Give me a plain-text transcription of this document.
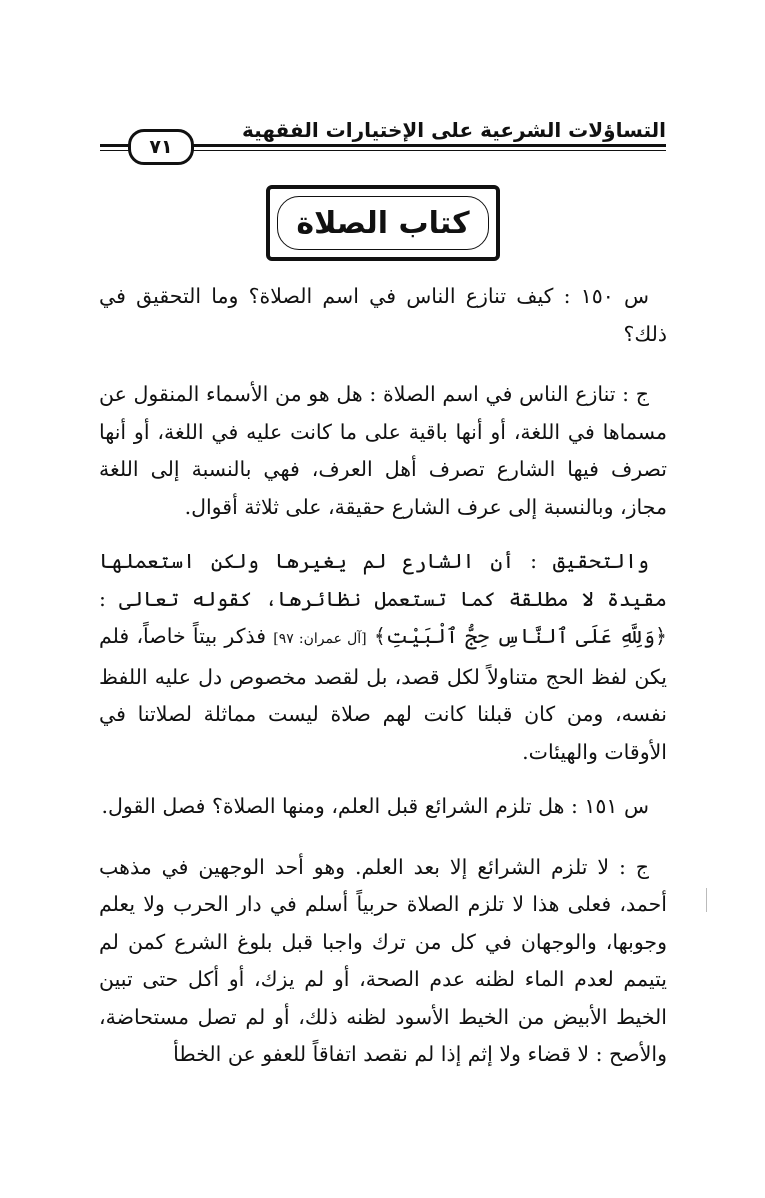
التساؤلات الشرعية على الإختيارات الفقهية
٧١
كتاب الصلاة

س ١٥٠ : كيف تنازع الناس في اسم الصلاة؟ وما التحقيق في ذلك؟

ج : تنازع الناس في اسم الصلاة : هل هو من الأسماء المنقول عن مسماها في اللغة، أو أنها باقية على ما كانت عليه في اللغة، أو أنها تصرف فيها الشارع تصرف أهل العرف، فهي بالنسبة إلى اللغة مجاز، وبالنسبة إلى عرف الشارع حقيقة، على ثلاثة أقوال.

والتحقيق : أن الشارع لم يغيرها ولكن استعملها مقيدة لا مطلقة كما تستعمل نظائرها، كقوله تعالى : ﴿وَلِلَّهِ عَلَى ٱلنَّاسِ حِجُّ ٱلْبَيْتِ﴾ [آل عمران: ٩٧] فذكر بيتاً خاصاً، فلم يكن لفظ الحج متناولاً لكل قصد، بل لقصد مخصوص دل عليه اللفظ نفسه، ومن كان قبلنا كانت لهم صلاة ليست مماثلة لصلاتنا في الأوقات والهيئات.

س ١٥١ : هل تلزم الشرائع قبل العلم، ومنها الصلاة؟ فصل القول.

ج : لا تلزم الشرائع إلا بعد العلم. وهو أحد الوجهين في مذهب أحمد، فعلى هذا لا تلزم الصلاة حربياً أسلم في دار الحرب ولا يعلم وجوبها، والوجهان في كل من ترك واجبا قبل بلوغ الشرع كمن لم يتيمم لعدم الماء لظنه عدم الصحة، أو لم يزك، أو أكل حتى تبين الخيط الأبيض من الخيط الأسود لظنه ذلك، أو لم تصل مستحاضة، والأصح : لا قضاء ولا إثم إذا لم نقصد اتفاقاً للعفو عن الخطأ
